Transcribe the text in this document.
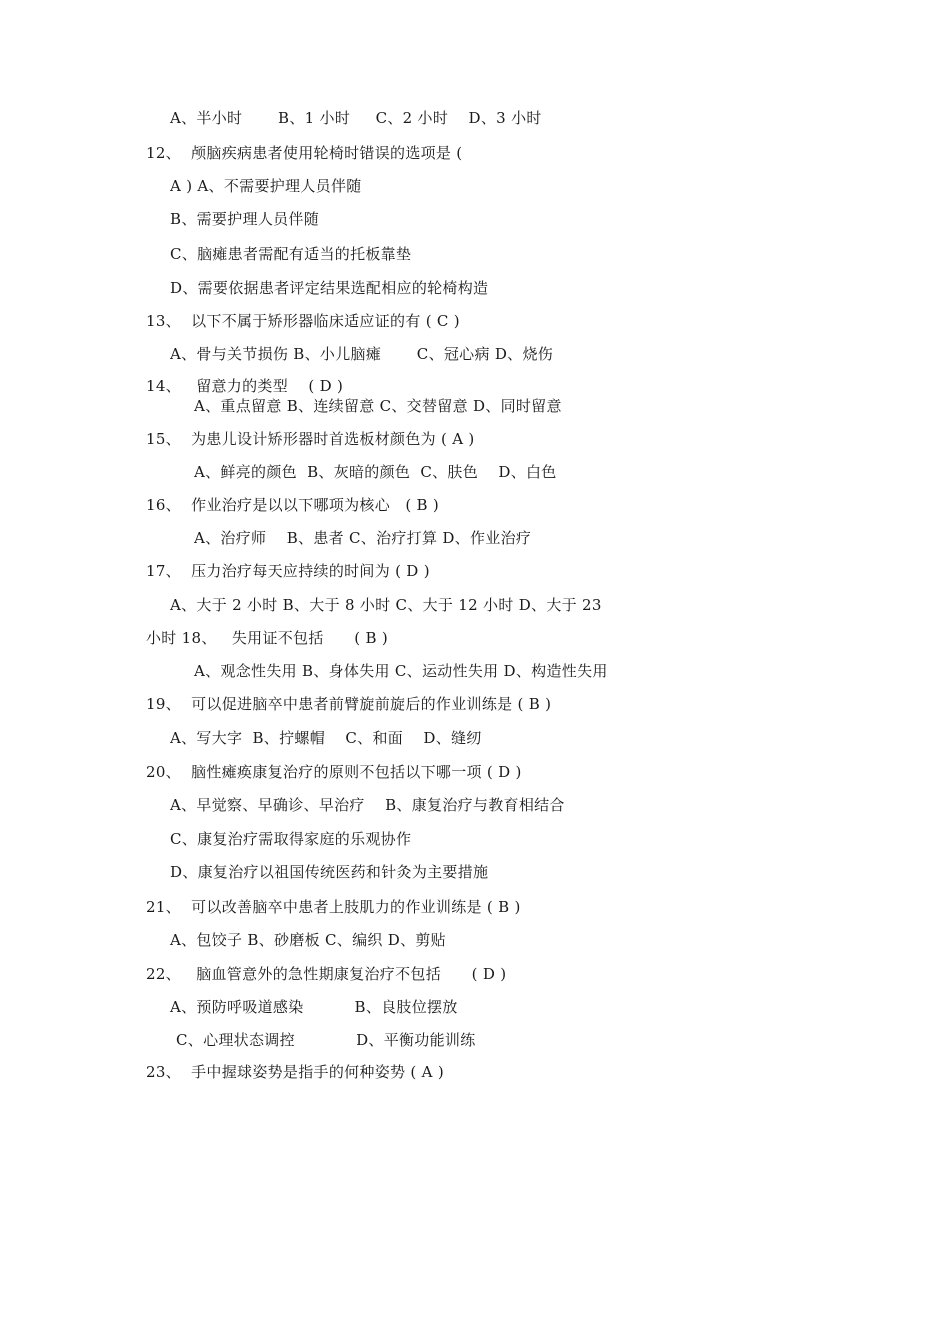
A、半小时　　 B、1 小时　  C、2 小时　 D、3 小时
12、  颅脑疾病患者使用轮椅时错误的选项是 (
A ) A、不需要护理人员伴随
B、需要护理人员伴随
C、脑瘫患者需配有适当的托板靠垫
D、需要依据患者评定结果选配相应的轮椅构造
13、  以下不属于矫形器临床适应证的有 ( C )
A、骨与关节损伤 B、小儿脑瘫　　 C、冠心病 D、烧伤
14、   留意力的类型　 ( D )
A、重点留意 B、连续留意 C、交替留意 D、同时留意
15、  为患儿设计矫形器时首选板材颜色为 ( A )
A、鲜亮的颜色  B、灰暗的颜色  C、肤色　 D、白色
16、  作业治疗是以以下哪项为核心　( B )
A、治疗师　 B、患者 C、治疗打算 D、作业治疗
17、  压力治疗每天应持续的时间为 ( D )
A、大于 2 小时 B、大于 8 小时 C、大于 12 小时 D、大于 23
小时 18、   失用证不包括　　( B )
A、观念性失用 B、身体失用 C、运动性失用 D、构造性失用
19、  可以促进脑卒中患者前臂旋前旋后的作业训练是 ( B )
A、写大字  B、拧螺帽　 C、和面　 D、缝纫
20、  脑性瘫痪康复治疗的原则不包括以下哪一项 ( D )
A、早觉察、早确诊、早治疗　 B、康复治疗与教育相结合
C、康复治疗需取得家庭的乐观协作
D、康复治疗以祖国传统医药和针灸为主要措施
21、  可以改善脑卒中患者上肢肌力的作业训练是 ( B )
A、包饺子 B、砂磨板 C、编织 D、剪贴
22、   脑血管意外的急性期康复治疗不包括　　( D )
A、预防呼吸道感染　　　 B、良肢位摆放
C、心理状态调控　　　　D、平衡功能训练
23、  手中握球姿势是指手的何种姿势 ( A )
